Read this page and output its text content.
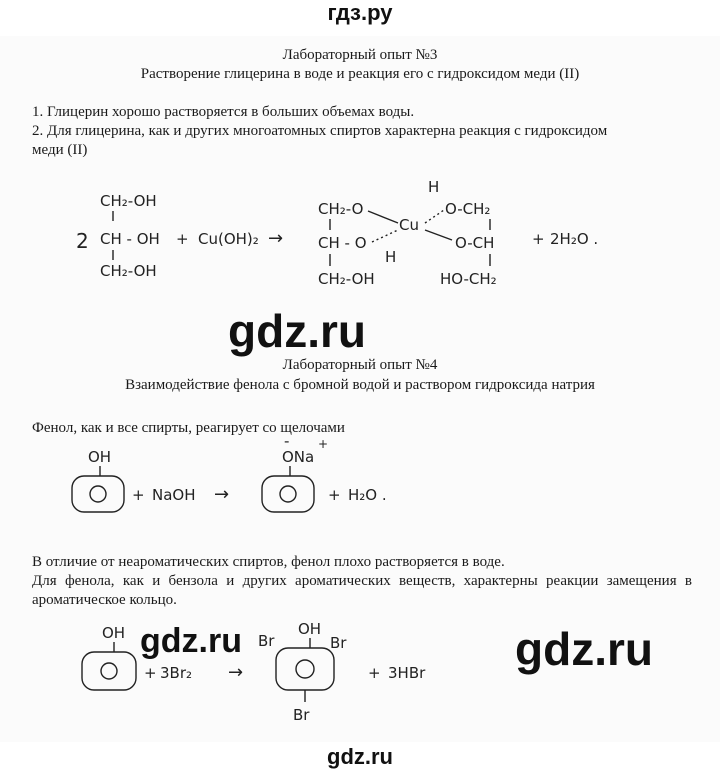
гдз.ру
Лабораторный опыт №3
Растворение глицерина в воде и реакция его с гидроксидом меди (II)
1. Глицерин хорошо растворяется в больших объемах воды.
2. Для глицерина, как и других многоатомных спиртов характерна реакция с гидроксидом
меди (II)
2
CH₂-OH
CH - OH
CH₂-OH
+ Cu(OH)₂ →
CH₂-O
CH - O
CH₂-OH
Cu
H
H
O-CH₂
O-CH
HO-CH₂
+ 2H₂O .
gdz.ru
Лабораторный опыт №4
Взаимодействие фенола с бромной водой и раствором гидроксида натрия
Фенол, как и все спирты, реагирует со щелочами
OH
+ NaOH →
ONa
- +
+ H₂O .
В отличие от неароматических спиртов, фенол плохо растворяется в воде.
Для фенола, как и бензола и других ароматических веществ, характерны реакции замещения в ароматическое кольцо.
OH
+ 3Br₂ →
OH
Br	Br
Br
+ 3HBr
gdz.ru	gdz.ru
gdz.ru
